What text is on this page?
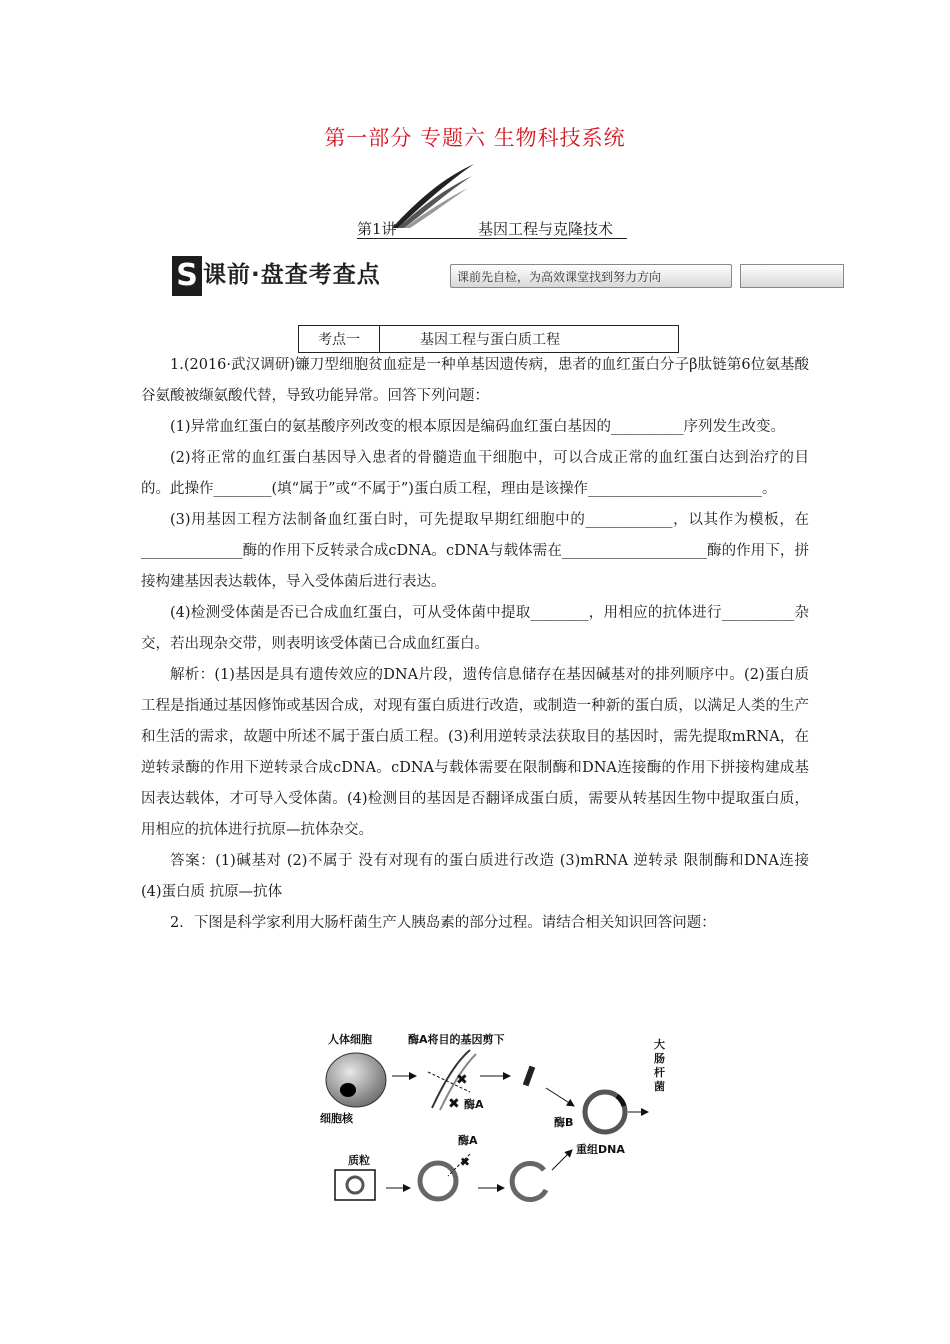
第一部分 专题六 生物科技系统
第1讲	基因工程与克隆技术
S 课前·盘查考查点	课前先自检，为高效课堂找到努力方向
考点一	基因工程与蛋白质工程

1.(2016·武汉调研)镰刀型细胞贫血症是一种单基因遗传病，患者的血红蛋白分子β肽链第6位氨基酸谷氨酸被缬氨酸代替，导致功能异常。回答下列问题：

(1)异常血红蛋白的氨基酸序列改变的根本原因是编码血红蛋白基因的__________序列发生改变。

(2)将正常的血红蛋白基因导入患者的骨髓造血干细胞中，可以合成正常的血红蛋白达到治疗的目的。此操作________(填“属于”或“不属于”)蛋白质工程，理由是该操作________________________。

(3)用基因工程方法制备血红蛋白时，可先提取早期红细胞中的____________，以其作为模板，在______________酶的作用下反转录合成cDNA。cDNA与载体需在____________________酶的作用下，拼接构建基因表达载体，导入受体菌后进行表达。

(4)检测受体菌是否已合成血红蛋白，可从受体菌中提取________，用相应的抗体进行__________杂交，若出现杂交带，则表明该受体菌已合成血红蛋白。

解析：(1)基因是具有遗传效应的DNA片段，遗传信息储存在基因碱基对的排列顺序中。(2)蛋白质工程是指通过基因修饰或基因合成，对现有蛋白质进行改造，或制造一种新的蛋白质，以满足人类的生产和生活的需求，故题中所述不属于蛋白质工程。(3)利用逆转录法获取目的基因时，需先提取mRNA，在逆转录酶的作用下逆转录合成cDNA。cDNA与载体需要在限制酶和DNA连接酶的作用下拼接构建成基因表达载体，才可导入受体菌。(4)检测目的基因是否翻译成蛋白质，需要从转基因生物中提取蛋白质，用相应的抗体进行抗原—抗体杂交。

答案：(1)碱基对 (2)不属于 没有对现有的蛋白质进行改造 (3)mRNA 逆转录 限制酶和DNA连接 (4)蛋白质 抗原—抗体

2．下图是科学家利用大肠杆菌生产人胰岛素的部分过程。请结合相关知识回答问题：

人体细胞
细胞核
酶A将目的基因剪下
✖
✖ 酶A
酶B
重组DNA
大
肠
杆
菌
质粒
酶A
✖
